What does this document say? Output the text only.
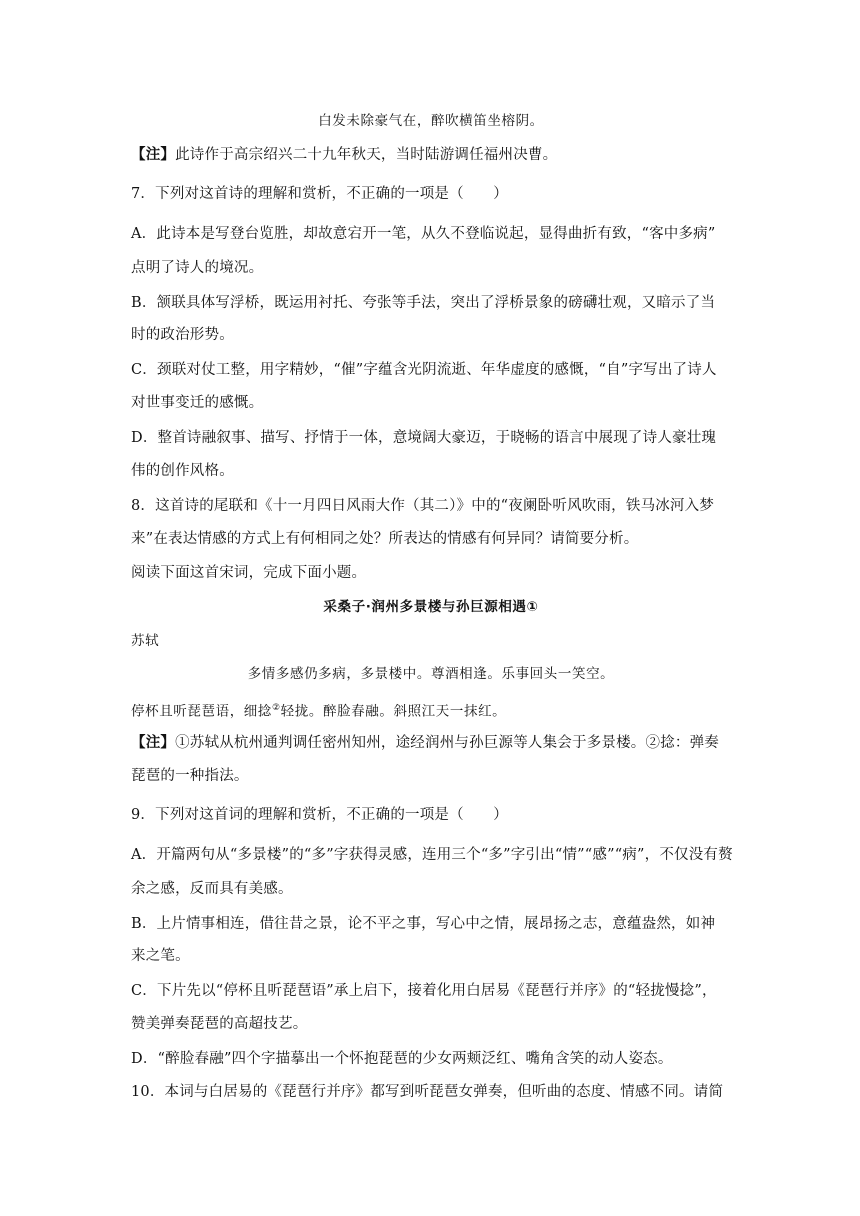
白发未除豪气在，醉吹横笛坐榕阴。
【注】此诗作于高宗绍兴二十九年秋天，当时陆游调任福州决曹。
7．下列对这首诗的理解和赏析，不正确的一项是（　　）
A．此诗本是写登台览胜，却故意宕开一笔，从久不登临说起，显得曲折有致，“客中多病”
点明了诗人的境况。
B．颔联具体写浮桥，既运用衬托、夸张等手法，突出了浮桥景象的磅礴壮观，又暗示了当
时的政治形势。
C．颈联对仗工整，用字精妙，“催”字蕴含光阴流逝、年华虚度的感慨，“自”字写出了诗人
对世事变迁的感慨。
D．整首诗融叙事、描写、抒情于一体，意境阔大豪迈，于晓畅的语言中展现了诗人豪壮瑰
伟的创作风格。
8．这首诗的尾联和《十一月四日风雨大作（其二）》中的“夜阑卧听风吹雨，铁马冰河入梦
来”在表达情感的方式上有何相同之处？所表达的情感有何异同？请简要分析。
阅读下面这首宋词，完成下面小题。
采桑子·润州多景楼与孙巨源相遇①
苏轼
多情多感仍多病，多景楼中。尊酒相逢。乐事回头一笑空。
停杯且听琵琶语，细捻②轻拢。醉脸春融。斜照江天一抹红。
【注】①苏轼从杭州通判调任密州知州，途经润州与孙巨源等人集会于多景楼。②捻：弹奏
琵琶的一种指法。
9．下列对这首词的理解和赏析，不正确的一项是（　　）
A．开篇两句从“多景楼”的“多”字获得灵感，连用三个“多”字引出“情”“感”“病”，不仅没有赘
余之感，反而具有美感。
B．上片情事相连，借往昔之景，论不平之事，写心中之情，展昂扬之志，意蕴盎然，如神
来之笔。
C．下片先以“停杯且听琵琶语”承上启下，接着化用白居易《琵琶行并序》的“轻拢慢捻”，
赞美弹奏琵琶的高超技艺。
D．“醉脸春融”四个字描摹出一个怀抱琵琶的少女两颊泛红、嘴角含笑的动人姿态。
10．本词与白居易的《琵琶行并序》都写到听琵琶女弹奏，但听曲的态度、情感不同。请简
